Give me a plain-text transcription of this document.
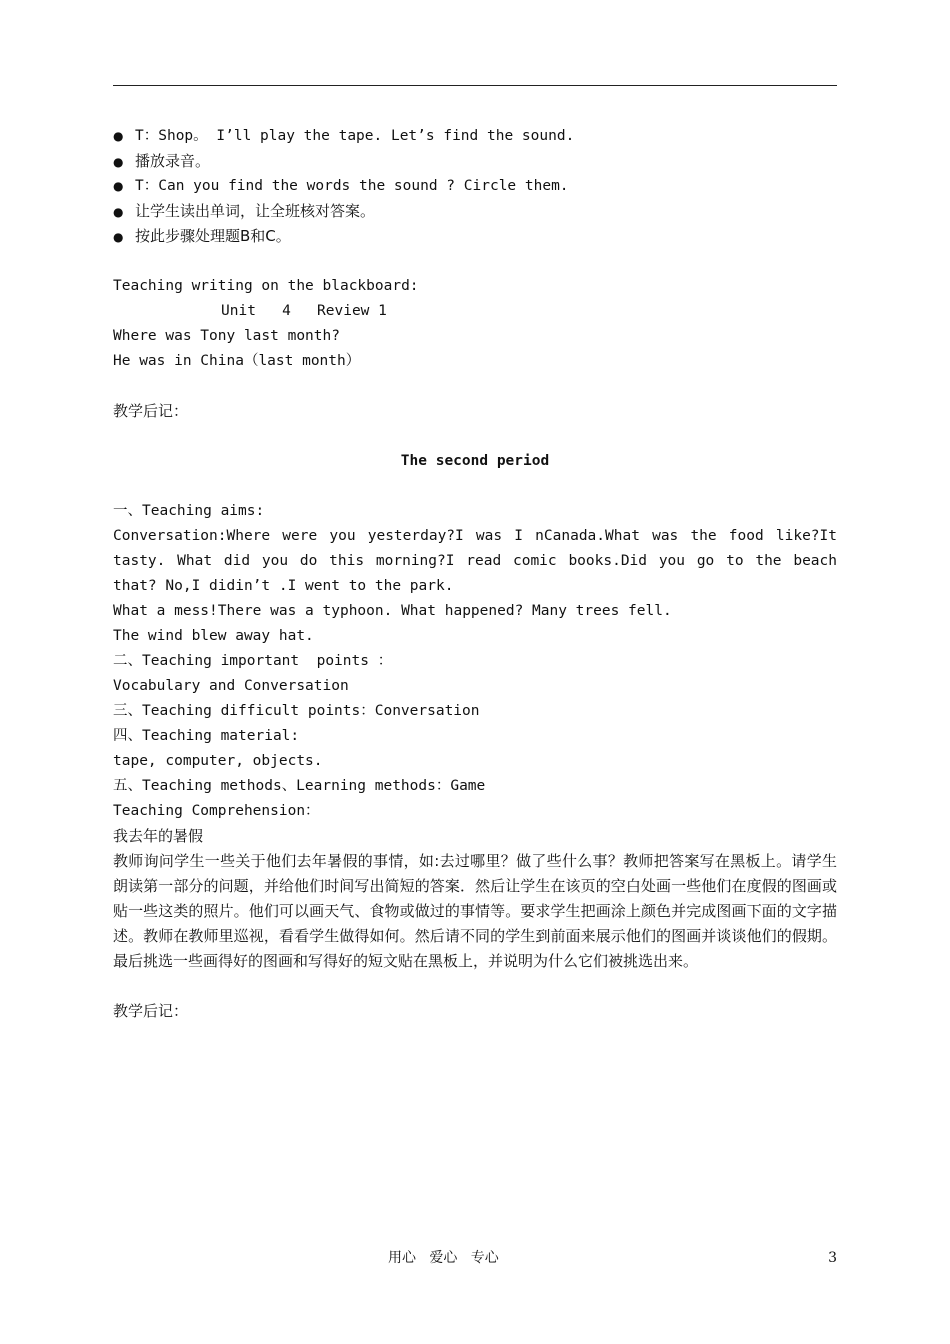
● T：Shop。 I’ll play the tape. Let’s find the sound.
● 播放录音。
● T：Can you find the words the sound ? Circle them.
● 让学生读出单词，让全班核对答案。
● 按此步骤处理题B和C。
Teaching writing on the blackboard:
Unit   4   Review 1
Where was Tony last month?
He was in China（last month）
教学后记：
The second period
一、Teaching aims:
Conversation:Where were you yesterday?I was I nCanada.What was the food like?It
tasty. What did you do this morning?I read comic books.Did you go to the beach
that? No,I didin’t .I went to the park.
What a mess!There was a typhoon. What happened? Many trees fell.
The wind blew away hat.
二、Teaching important  points ：
Vocabulary and Conversation
三、Teaching difficult points：Conversation
四、Teaching material:
tape, computer, objects.
五、Teaching methods、Learning methods：Game
Teaching Comprehension：
我去年的暑假
教师询问学生一些关于他们去年暑假的事情，如:去过哪里？做了些什么事？教师把答案写在黑板上。请学生朗读第一部分的问题，并给他们时间写出简短的答案．然后让学生在该页的空白处画一些他们在度假的图画或贴一些这类的照片。他们可以画天气、食物或做过的事情等。要求学生把画涂上颜色并完成图画下面的文字描述。教师在教师里巡视，看看学生做得如何。然后请不同的学生到前面来展示他们的图画并谈谈他们的假期。最后挑选一些画得好的图画和写得好的短文贴在黑板上，并说明为什么它们被挑选出来。
教学后记：
用心   爱心   专心	3
